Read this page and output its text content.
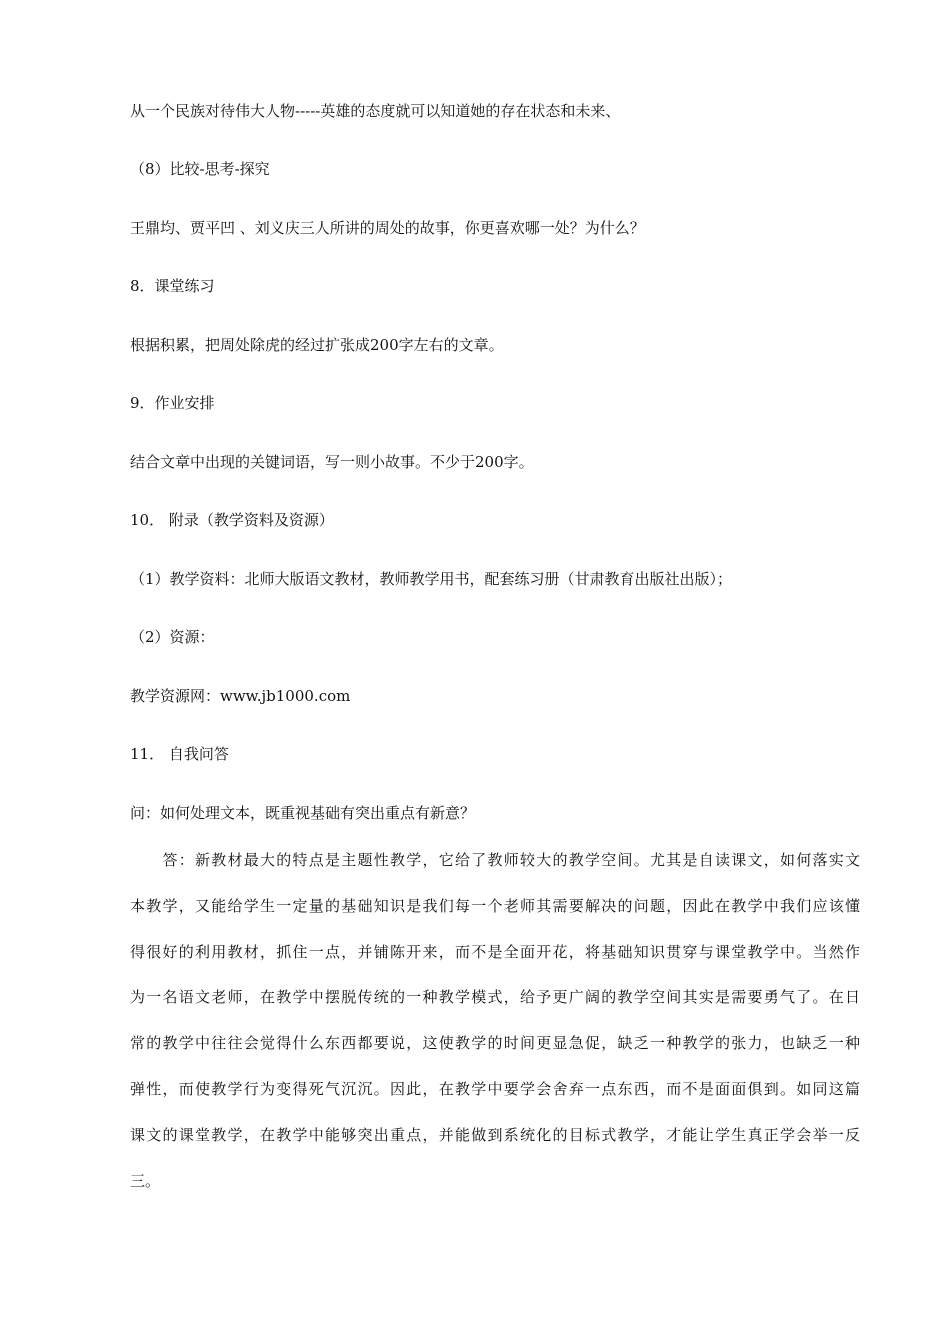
从一个民族对待伟大人物-----英雄的态度就可以知道她的存在状态和未来、
（8）比较-思考-探究
王鼎均、贾平凹 、刘义庆三人所讲的周处的故事，你更喜欢哪一处？为什么？
8．课堂练习
根据积累，把周处除虎的经过扩张成200字左右的文章。
9．作业安排
结合文章中出现的关键词语，写一则小故事。不少于200字。
10． 附录（教学资料及资源）
（1）教学资料：北师大版语文教材，教师教学用书，配套练习册（甘肃教育出版社出版）；
（2）资源：
教学资源网：www.jb1000.com
11． 自我问答
问：如何处理文本，既重视基础有突出重点有新意？
　　答：新教材最大的特点是主题性教学，它给了教师较大的教学空间。尤其是自读课文，如何落实文
本教学，又能给学生一定量的基础知识是我们每一个老师其需要解决的问题，因此在教学中我们应该懂
得很好的利用教材，抓住一点，并铺陈开来，而不是全面开花，将基础知识贯穿与课堂教学中。当然作
为一名语文老师，在教学中摆脱传统的一种教学模式，给予更广阔的教学空间其实是需要勇气了。在日
常的教学中往往会觉得什么东西都要说，这使教学的时间更显急促，缺乏一种教学的张力，也缺乏一种
弹性，而使教学行为变得死气沉沉。因此，在教学中要学会舍弃一点东西，而不是面面俱到。如同这篇
课文的课堂教学，在教学中能够突出重点，并能做到系统化的目标式教学，才能让学生真正学会举一反
三。
